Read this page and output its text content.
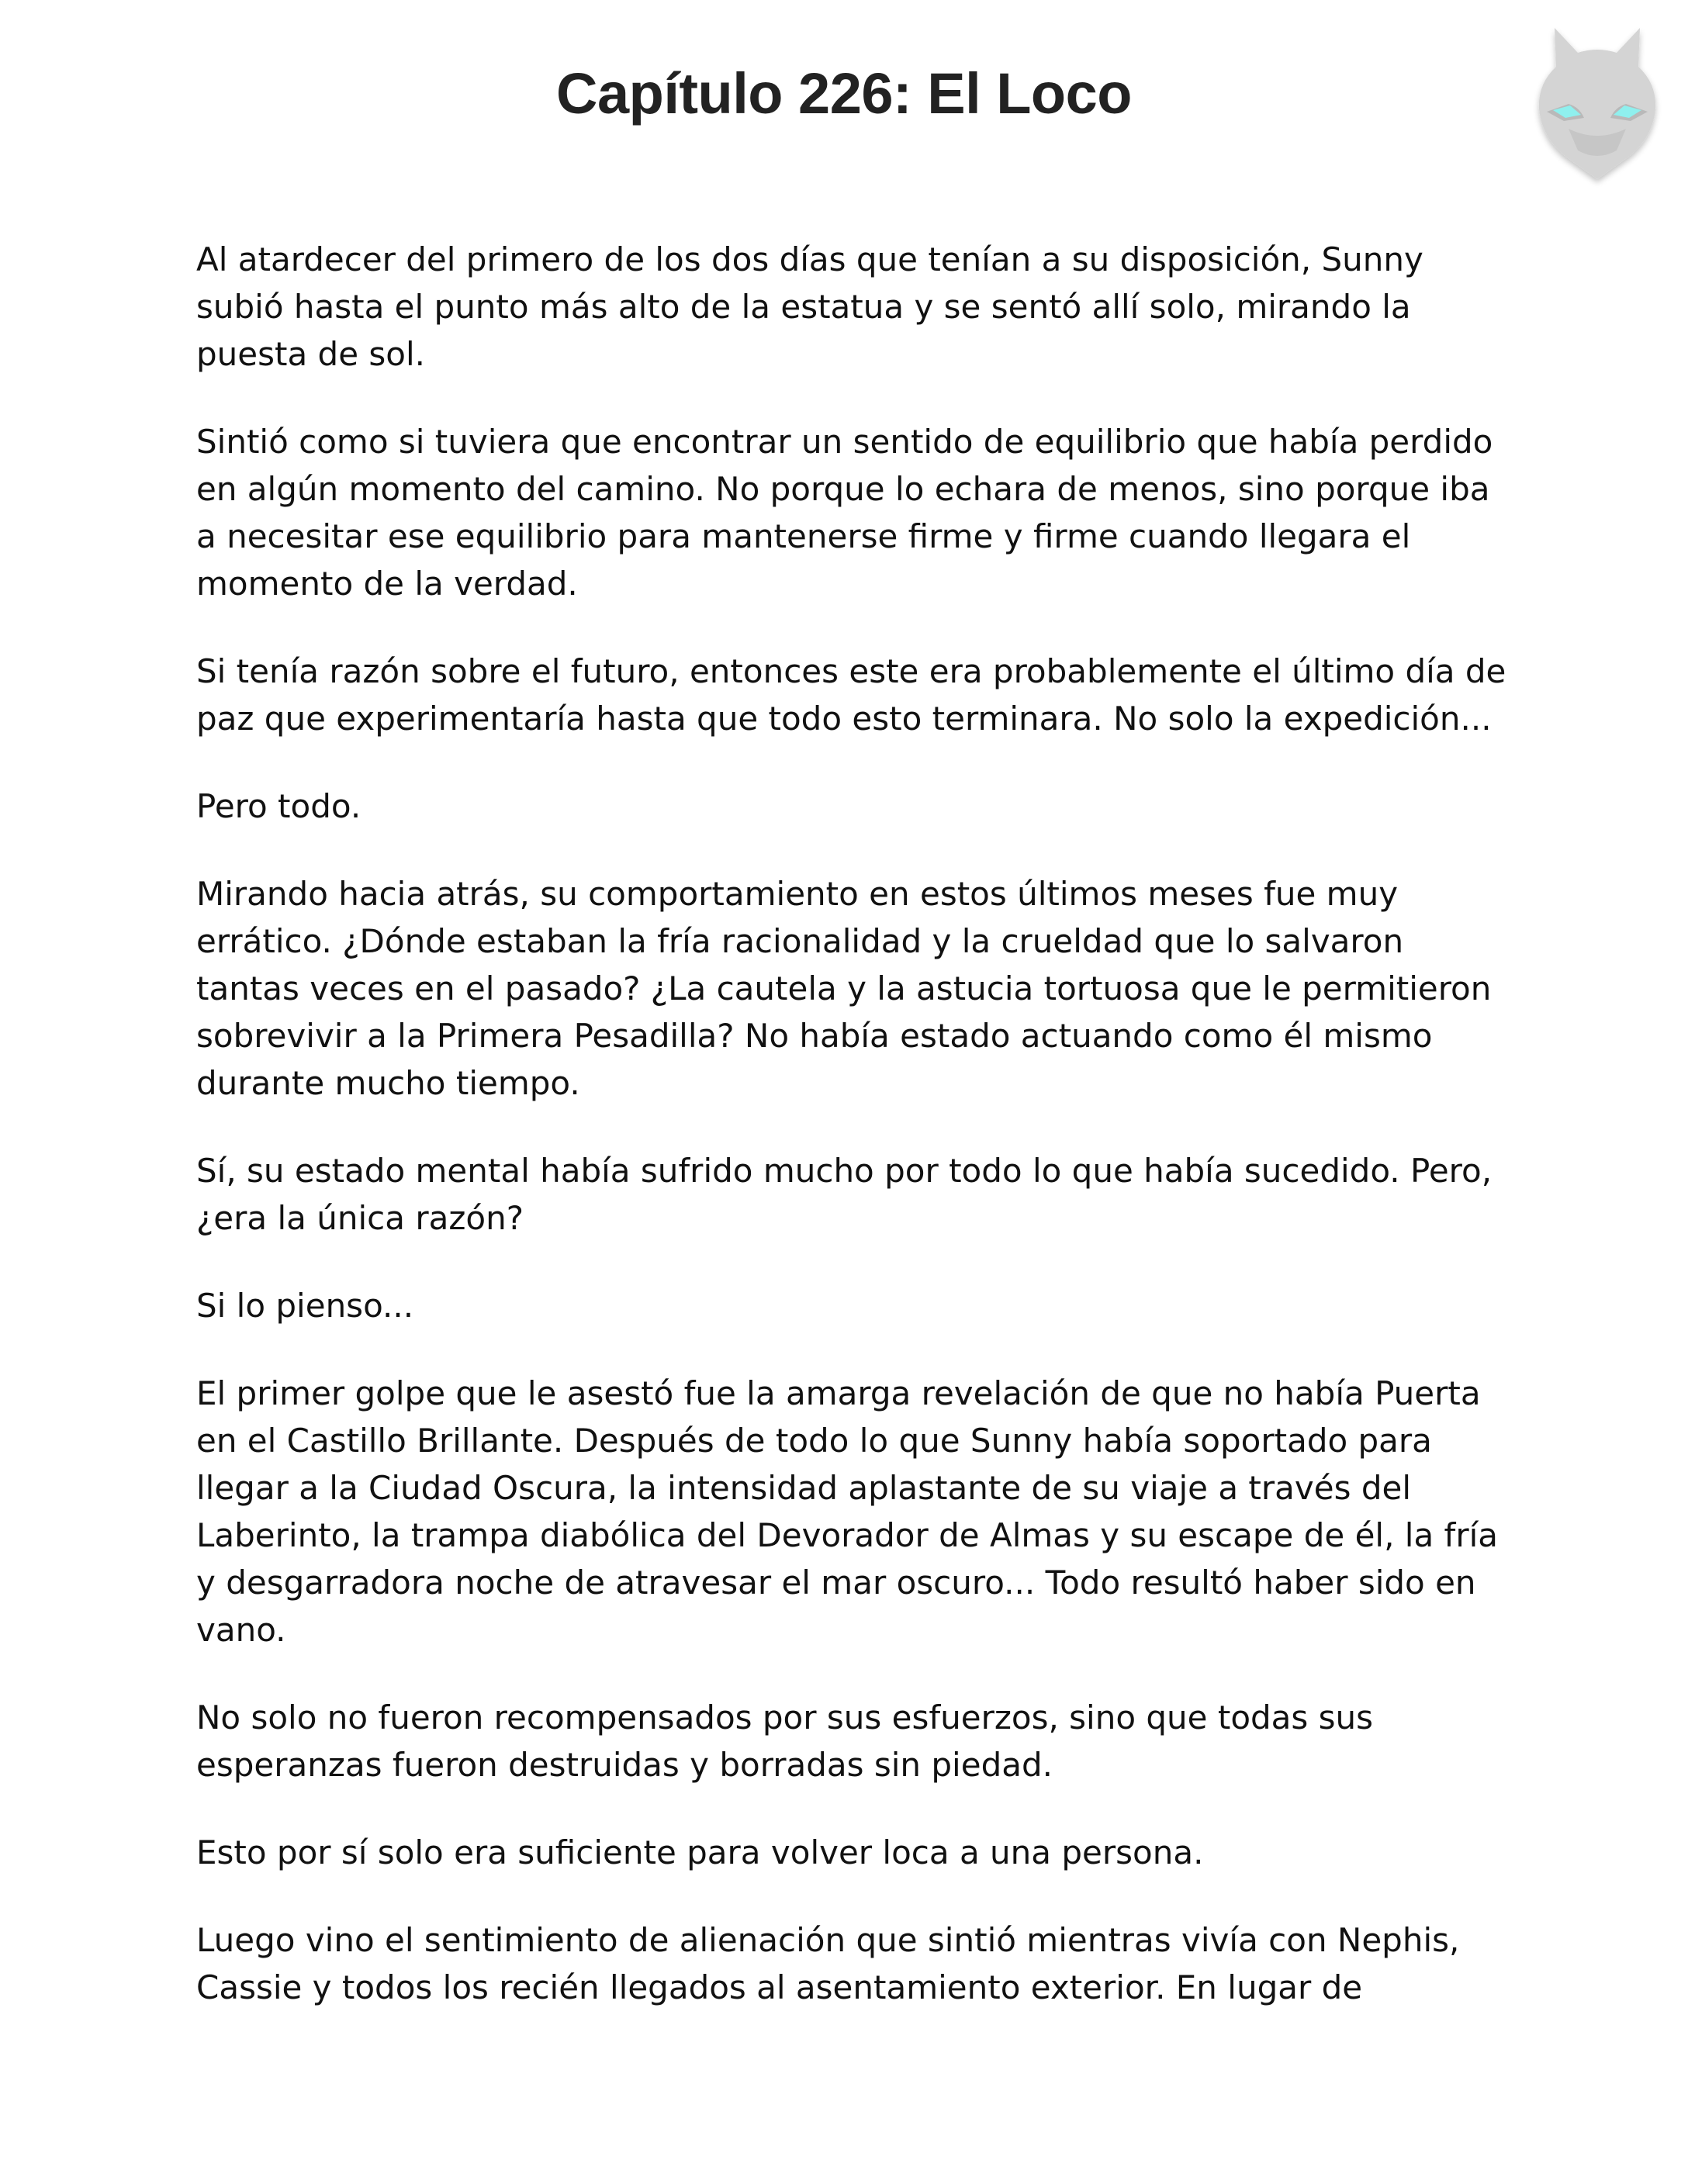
Capítulo 226: El Loco

Al atardecer del primero de los dos días que tenían a su disposición, Sunny subió hasta el punto más alto de la estatua y se sentó allí solo, mirando la puesta de sol.

Sintió como si tuviera que encontrar un sentido de equilibrio que había perdido en algún momento del camino. No porque lo echara de menos, sino porque iba a necesitar ese equilibrio para mantenerse firme y firme cuando llegara el momento de la verdad.

Si tenía razón sobre el futuro, entonces este era probablemente el último día de paz que experimentaría hasta que todo esto terminara. No solo la expedición...

Pero todo.

Mirando hacia atrás, su comportamiento en estos últimos meses fue muy errático. ¿Dónde estaban la fría racionalidad y la crueldad que lo salvaron tantas veces en el pasado? ¿La cautela y la astucia tortuosa que le permitieron sobrevivir a la Primera Pesadilla? No había estado actuando como él mismo durante mucho tiempo.

Sí, su estado mental había sufrido mucho por todo lo que había sucedido. Pero, ¿era la única razón?

Si lo pienso...

El primer golpe que le asestó fue la amarga revelación de que no había Puerta en el Castillo Brillante. Después de todo lo que Sunny había soportado para llegar a la Ciudad Oscura, la intensidad aplastante de su viaje a través del Laberinto, la trampa diabólica del Devorador de Almas y su escape de él, la fría y desgarradora noche de atravesar el mar oscuro... Todo resultó haber sido en vano.

No solo no fueron recompensados por sus esfuerzos, sino que todas sus esperanzas fueron destruidas y borradas sin piedad.

Esto por sí solo era suficiente para volver loca a una persona.

Luego vino el sentimiento de alienación que sintió mientras vivía con Nephis, Cassie y todos los recién llegados al asentamiento exterior. En lugar de
